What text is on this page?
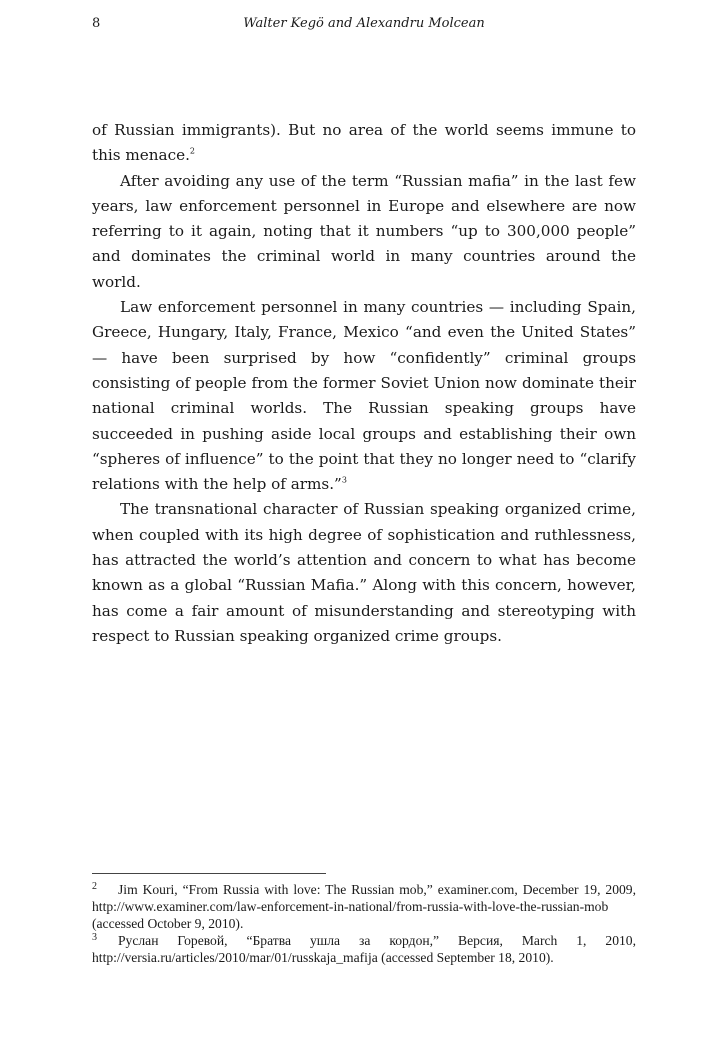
8	Walter Kegö and Alexandru Molcean

of Russian immigrants). But no area of the world seems immune to this menace.$^2$

After avoiding any use of the term “Russian mafia” in the last few years, law enforcement personnel in Europe and elsewhere are now referring to it again, noting that it numbers “up to 300,000 people” and dominates the criminal world in many countries around the world.

Law enforcement personnel in many countries — including Spain, Greece, Hungary, Italy, France, Mexico “and even the United States” — have been surprised by how “confidently” criminal groups consisting of people from the former Soviet Union now dominate their national criminal worlds. The Russian speaking groups have succeeded in pushing aside local groups and establishing their own “spheres of influence” to the point that they no longer need to “clarify relations with the help of arms.”$^3$

The transnational character of Russian speaking organized crime, when coupled with its high degree of sophistication and ruthlessness, has attracted the world’s attention and concern to what has become known as a global “Russian Mafia.” Along with this concern, however, has come a fair amount of misunderstanding and stereotyping with respect to Russian speaking organized crime groups.

2 Jim Kouri, “From Russia with love: The Russian mob,” examiner.com, December 19, 2009, http://www.examiner.com/law-enforcement-in-national/from-russia-with-love-the-russian-mob (accessed October 9, 2010).

3 Руслан Горевой, “Братва ушла за кордон,” Версия, March 1, 2010, http://versia.ru/articles/2010/mar/01/russkaja_mafija (accessed September 18, 2010).
